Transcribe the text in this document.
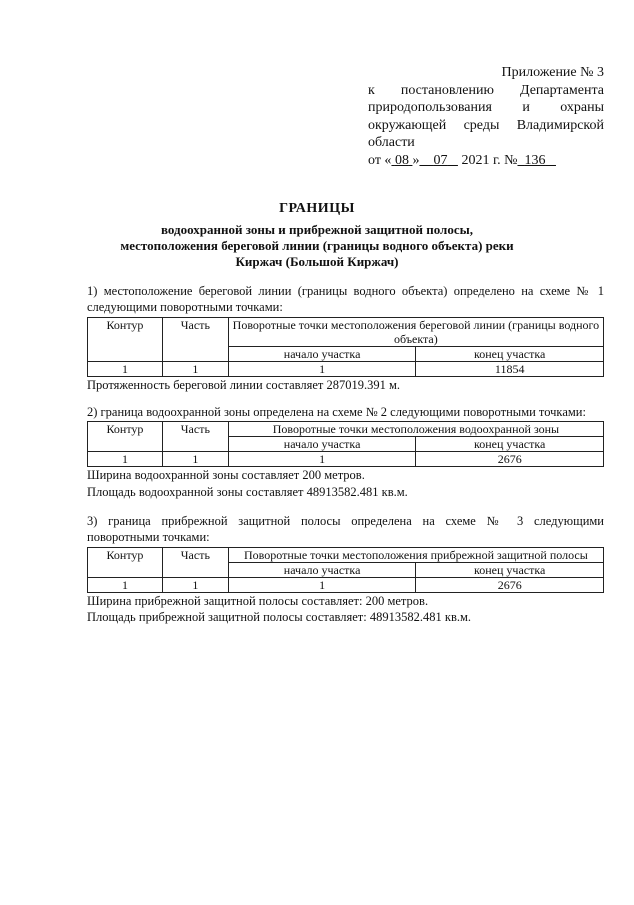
Приложение № 3
к постановлению Департамента
природопользования и охраны
окружающей среды Владимирской
области
от « 08 » 07 2021 г. № 136
ГРАНИЦЫ
водоохранной зоны и прибрежной защитной полосы, местоположения береговой линии (границы водного объекта) реки Киржач (Большой Киржач)

1) местоположение береговой линии (границы водного объекта) определено на схеме № 1

следующими поворотными точками:

Контур	Часть	Поворотные точки местоположения береговой линии (границы водного объекта)	
		начало участка	конец участка
1	1	1	11854

Протяженность береговой линии составляет 287019.391 м.

2) граница водоохранной зоны определена на схеме № 2 следующими поворотными точками:

Контур	Часть	Поворотные точки местоположения водоохранной зоны	
		начало участка	конец участка
1	1	1	2676

Ширина водоохранной зоны составляет 200 метров.

Площадь водоохранной зоны составляет 48913582.481 кв.м.

3) граница прибрежной защитной полосы определена на схеме № 3 следующими

поворотными точками:

Контур	Часть	Поворотные точки местоположения прибрежной защитной полосы	
		начало участка	конец участка
1	1	1	2676

Ширина прибрежной защитной полосы составляет: 200 метров.

Площадь прибрежной защитной полосы составляет: 48913582.481 кв.м.
